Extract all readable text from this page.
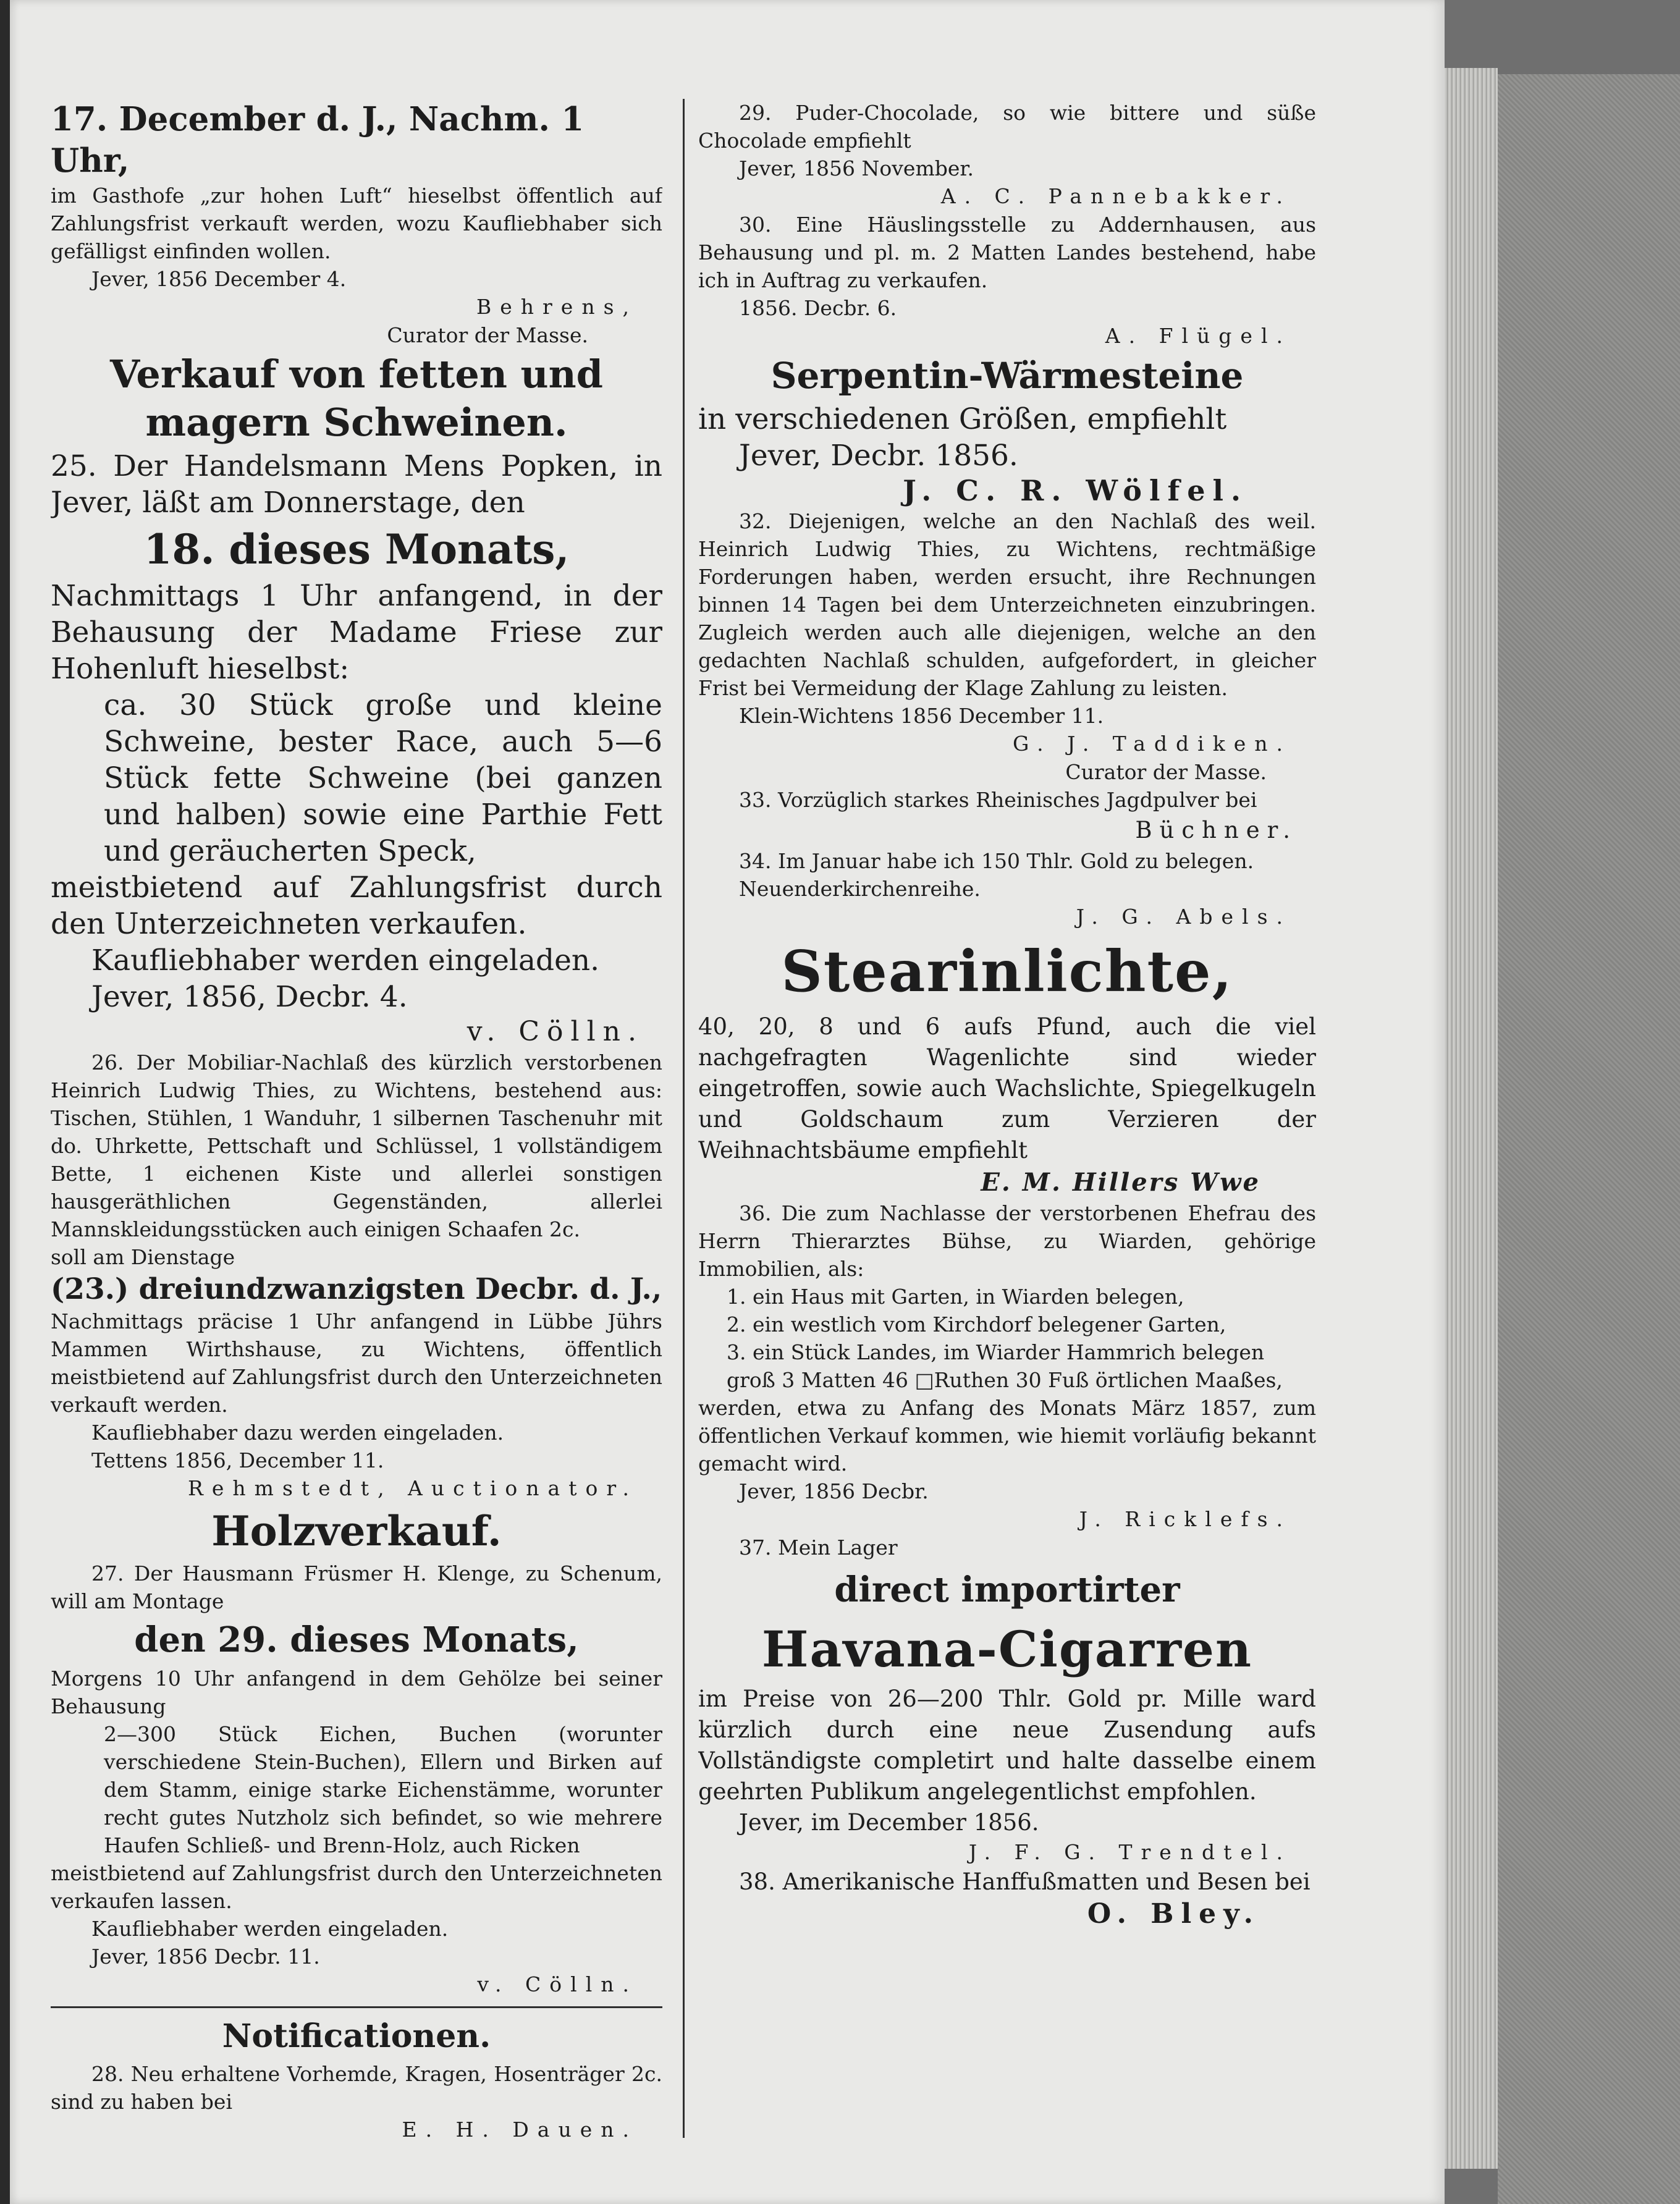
17. December d. J., Nachm. 1 Uhr,

im Gasthofe „zur hohen Luft“ hieselbst öffentlich auf Zahlungsfrist verkauft werden, wozu Kaufliebhaber sich gefälligst einfinden wollen.

Jever, 1856 December 4.

Behrens,

Curator der Masse.

Verkauf von fetten und

magern Schweinen.

25. Der Handelsmann Mens Popken, in Jever, läßt am Donnerstage, den

18. dieses Monats,

Nachmittags 1 Uhr anfangend, in der Behausung der Madame Friese zur Hohenluft hieselbst:

ca. 30 Stück große und kleine Schweine, bester Race, auch 5—6 Stück fette Schweine (bei ganzen und halben) sowie eine Parthie Fett und geräucherten Speck,

meistbietend auf Zahlungsfrist durch den Unterzeichneten verkaufen.

Kaufliebhaber werden eingeladen.

Jever, 1856, Decbr. 4.

v. Cölln.

26. Der Mobiliar-Nachlaß des kürzlich verstorbenen Heinrich Ludwig Thies, zu Wichtens, bestehend aus: Tischen, Stühlen, 1 Wanduhr, 1 silbernen Taschenuhr mit do. Uhrkette, Pettschaft und Schlüssel, 1 vollständigem Bette, 1 eichenen Kiste und allerlei sonstigen hausgeräthlichen Gegenständen, allerlei Mannskleidungsstücken auch einigen Schaafen 2c.

soll am Dienstage

(23.) dreiundzwanzigsten Decbr. d. J.,

Nachmittags präcise 1 Uhr anfangend in Lübbe Jührs Mammen Wirthshause, zu Wichtens, öffentlich meistbietend auf Zahlungsfrist durch den Unterzeichneten verkauft werden.

Kaufliebhaber dazu werden eingeladen.

Tettens 1856, December 11.

Rehmstedt, Auctionator.

Holzverkauf.

27. Der Hausmann Früsmer H. Klenge, zu Schenum, will am Montage

den 29. dieses Monats,

Morgens 10 Uhr anfangend in dem Gehölze bei seiner Behausung

2—300 Stück Eichen, Buchen (worunter verschiedene Stein-Buchen), Ellern und Birken auf dem Stamm, einige starke Eichenstämme, worunter recht gutes Nutzholz sich befindet, so wie mehrere Haufen Schließ- und Brenn-Holz, auch Ricken

meistbietend auf Zahlungsfrist durch den Unterzeichneten verkaufen lassen.

Kaufliebhaber werden eingeladen.

Jever, 1856 Decbr. 11.

v. Cölln.

Notificationen.

28. Neu erhaltene Vorhemde, Kragen, Hosenträger 2c. sind zu haben bei

E. H. Dauen.

29. Puder-Chocolade, so wie bittere und süße Chocolade empfiehlt

Jever, 1856 November.

A. C. Pannebakker.

30. Eine Häuslingsstelle zu Addernhausen, aus Behausung und pl. m. 2 Matten Landes bestehend, habe ich in Auftrag zu verkaufen.

1856. Decbr. 6.

A. Flügel.

Serpentin-Wärmesteine

in verschiedenen Größen, empfiehlt

Jever, Decbr. 1856.

J. C. R. Wölfel.

32. Diejenigen, welche an den Nachlaß des weil. Heinrich Ludwig Thies, zu Wichtens, rechtmäßige Forderungen haben, werden ersucht, ihre Rechnungen binnen 14 Tagen bei dem Unterzeichneten einzubringen. Zugleich werden auch alle diejenigen, welche an den gedachten Nachlaß schulden, aufgefordert, in gleicher Frist bei Vermeidung der Klage Zahlung zu leisten.

Klein-Wichtens 1856 December 11.

G. J. Taddiken.

Curator der Masse.

33. Vorzüglich starkes Rheinisches Jagdpulver bei

Büchner.

34. Im Januar habe ich 150 Thlr. Gold zu belegen.

Neuenderkirchenreihe.

J. G. Abels.

Stearinlichte,

40, 20, 8 und 6 aufs Pfund, auch die viel nachgefragten Wagenlichte sind wieder eingetroffen, sowie auch Wachslichte, Spiegelkugeln und Goldschaum zum Verzieren der Weihnachtsbäume empfiehlt

E. M. Hillers Wwe

36. Die zum Nachlasse der verstorbenen Ehefrau des Herrn Thierarztes Bühse, zu Wiarden, gehörige Immobilien, als:

1. ein Haus mit Garten, in Wiarden belegen,

2. ein westlich vom Kirchdorf belegener Garten,

3. ein Stück Landes, im Wiarder Hammrich belegen groß 3 Matten 46 □Ruthen 30 Fuß örtlichen Maaßes,

werden, etwa zu Anfang des Monats März 1857, zum öffentlichen Verkauf kommen, wie hiemit vorläufig bekannt gemacht wird.

Jever, 1856 Decbr.

J. Ricklefs.

37. Mein Lager

direct importirter

Havana-Cigarren

im Preise von 26—200 Thlr. Gold pr. Mille ward kürzlich durch eine neue Zusendung aufs Vollständigste completirt und halte dasselbe einem geehrten Publikum angelegentlichst empfohlen.

Jever, im December 1856.

J. F. G. Trendtel.

38. Amerikanische Hanffußmatten und Besen bei

O. Bley.
